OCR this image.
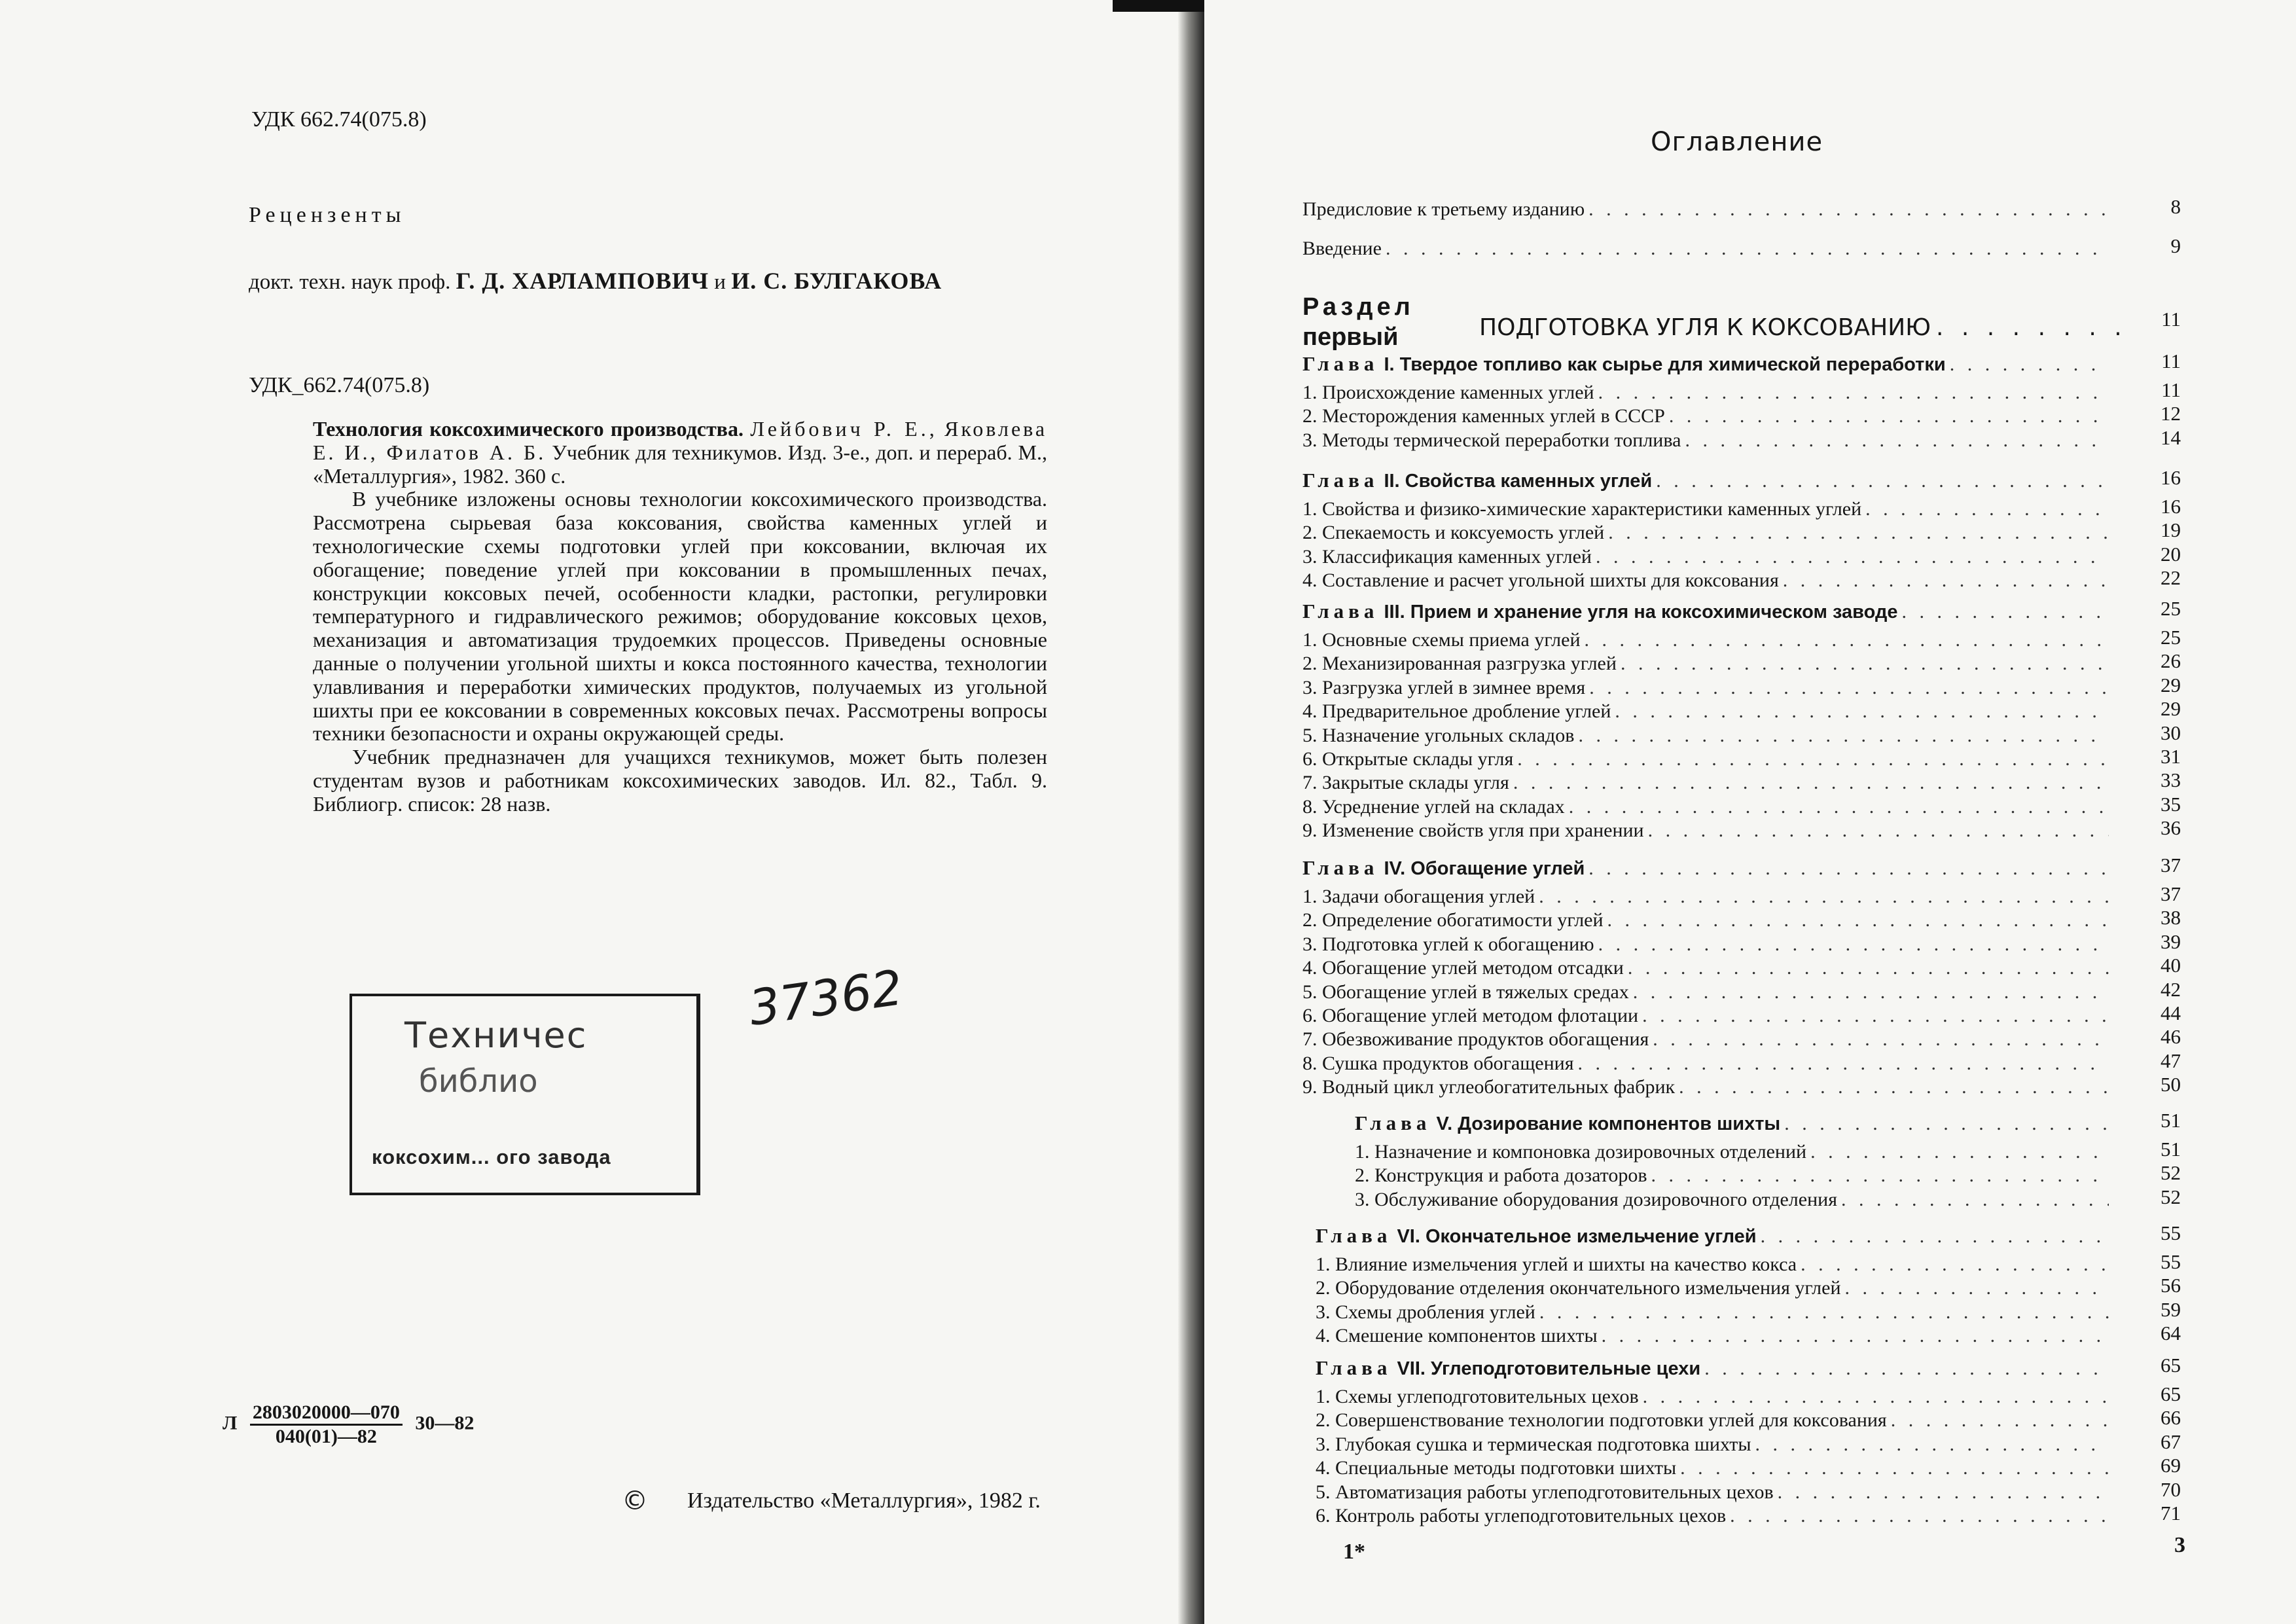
УДК 662.74(075.8)
Рецензенты
докт. техн. наук проф. Г. Д. ХАРЛАМПОВИЧ и И. С. БУЛГАКОВА
УДК_662.74(075.8)
Технология коксохимического производства. Лейбович Р. Е., Яковлева Е. И., Филатов А. Б. Учебник для техникумов. Изд. 3-е., доп. и перераб. М., «Металлургия», 1982. 360 с.

В учебнике изложены основы технологии коксохимического производства. Рассмотрена сырьевая база коксования, свойства каменных углей и технологические схемы подготовки углей при коксовании, включая их обогащение; поведение углей при коксовании в промышленных печах, конструкции коксовых печей, особенности кладки, растопки, регулировки температурного и гидравлического режимов; оборудование коксовых цехов, механизация и автоматизация трудоемких процессов. Приведены основные данные о получении угольной шихты и кокса постоянного качества, технологии улавливания и переработки химических продуктов, получаемых из угольной шихты при ее коксовании в современных коксовых печах. Рассмотрены вопросы техники безопасности и охраны окружающей среды.

Учебник предназначен для учащихся техникумов, может быть полезен студентам вузов и работникам коксохимических заводов. Ил. 82., Табл. 9. Библиогр. список: 28 назв.

Техничес
библио
коксохим... ого завода
37362
Л $\frac{2803020000—070}{040(01)—82}$ 30—82
© Издательство «Металлургия», 1982 г.
Оглавление
Предисловие к третьему изданию . . .	8
Введение . . .	9
Раздел
первый	ПОДГОТОВКА УГЛЯ К КОКСОВАНИЮ . . .	11
Глава I. Твердое топливо как сырье для химической переработки . . .	11
1. Происхождение каменных углей . . .	11
2. Месторождения каменных углей в СССР . . .	12
3. Методы термической переработки топлива . . .	14
Глава II. Свойства каменных углей . . .	16
1. Свойства и физико-химические характеристики каменных углей . . .	16
2. Спекаемость и коксуемость углей . . .	19
3. Классификация каменных углей . . .	20
4. Составление и расчет угольной шихты для коксования . . .	22
Глава III. Прием и хранение угля на коксохимическом заводе . . .	25
1. Основные схемы приема углей . . .	25
2. Механизированная разгрузка углей . . .	26
3. Разгрузка углей в зимнее время . . .	29
4. Предварительное дробление углей . . .	29
5. Назначение угольных складов . . .	30
6. Открытые склады угля . . .	31
7. Закрытые склады угля . . .	33
8. Усреднение углей на складах . . .	35
9. Изменение свойств угля при хранении . . .	36
Глава IV. Обогащение углей . . .	37
1. Задачи обогащения углей . . .	37
2. Определение обогатимости углей . . .	38
3. Подготовка углей к обогащению . . .	39
4. Обогащение углей методом отсадки . . .	40
5. Обогащение углей в тяжелых средах . . .	42
6. Обогащение углей методом флотации . . .	44
7. Обезвоживание продуктов обогащения . . .	46
8. Сушка продуктов обогащения . . .	47
9. Водный цикл углеобогатительных фабрик . . .	50
Глава V. Дозирование компонентов шихты . . .	51
1. Назначение и компоновка дозировочных отделений . . .	51
2. Конструкция и работа дозаторов . . .	52
3. Обслуживание оборудования дозировочного отделения . . .	52
Глава VI. Окончательное измельчение углей . . .	55
1. Влияние измельчения углей и шихты на качество кокса . . .	55
2. Оборудование отделения окончательного измельчения углей . . .	56
3. Схемы дробления углей . . .	59
4. Смешение компонентов шихты . . .	64
Глава VII. Углеподготовительные цехи . . .	65
1. Схемы углеподготовительных цехов . . .	65
2. Совершенствование технологии подготовки углей для коксования . . .	66
3. Глубокая сушка и термическая подготовка шихты . . .	67
4. Специальные методы подготовки шихты . . .	69
5. Автоматизация работы углеподготовительных цехов . . .	70
6. Контроль работы углеподготовительных цехов . . .	71
1*	3
